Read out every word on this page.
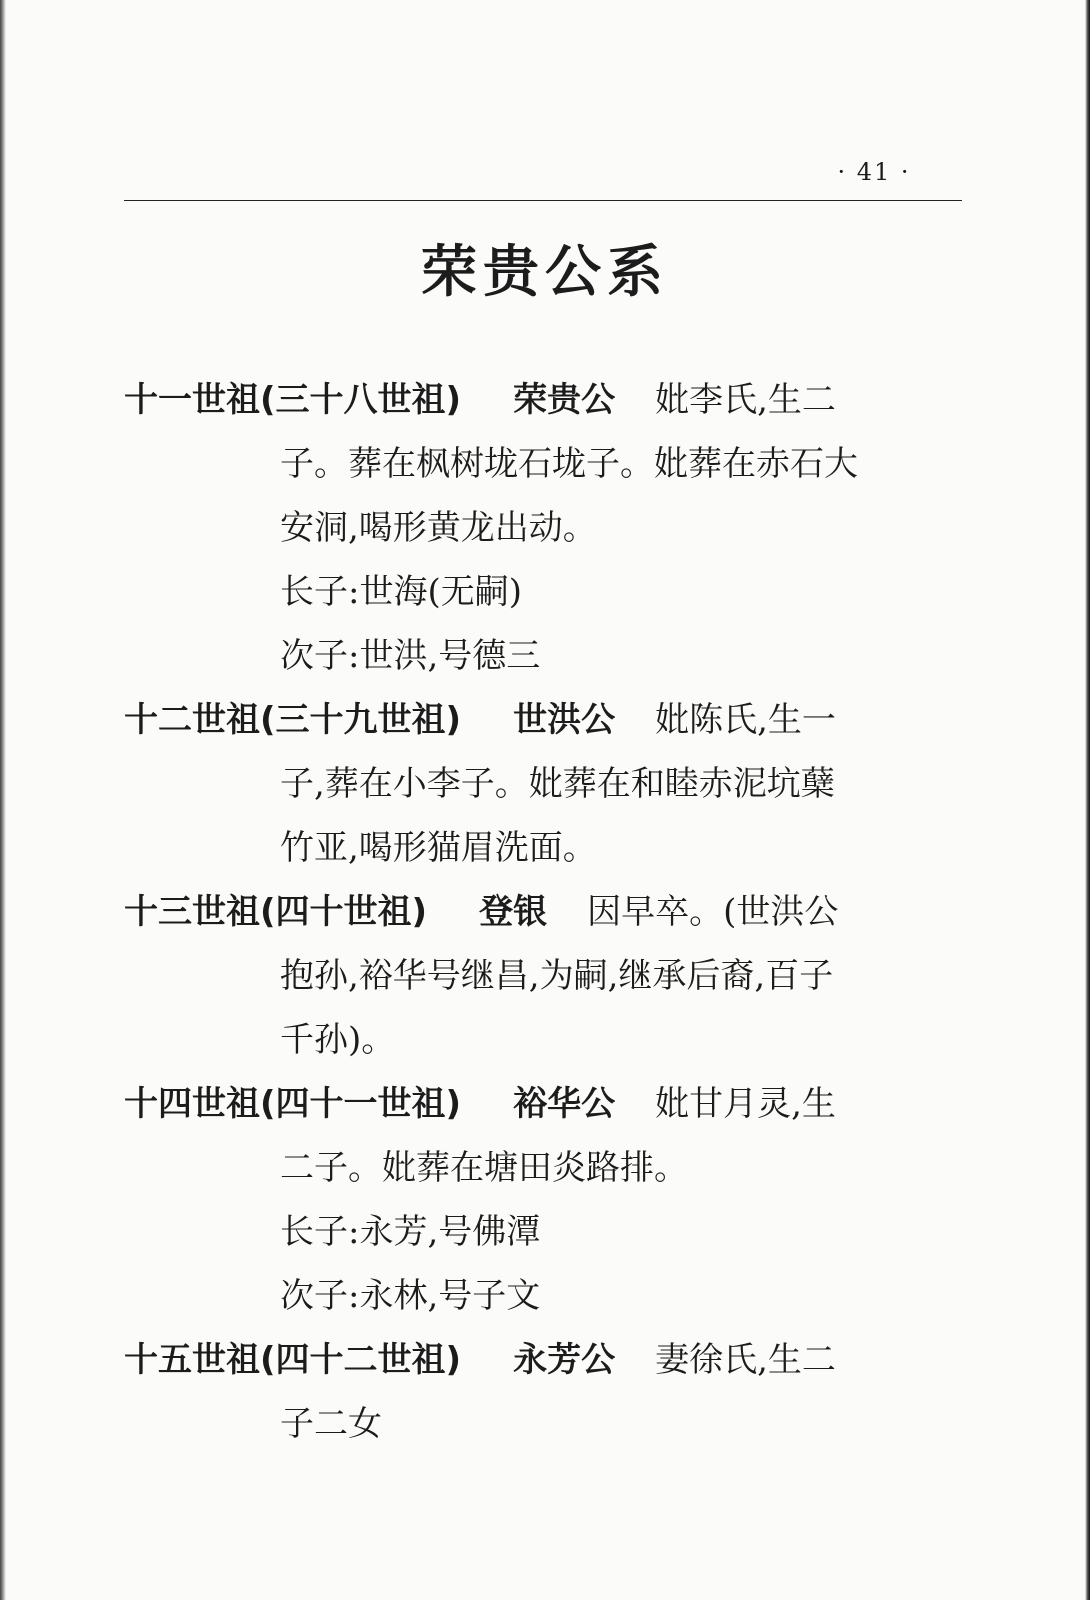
· 41 ·
荣贵公系
十一世祖(三十八世祖) 荣贵公 妣李氏,生二
子。葬在枫树垅石垅子。妣葬在赤石大
安洞,喝形黄龙出动。
长子:世海(无嗣)
次子:世洪,号德三
十二世祖(三十九世祖) 世洪公 妣陈氏,生一
子,葬在小李子。妣葬在和睦赤泥坑蘖
竹亚,喝形猫眉洗面。
十三世祖(四十世祖) 登银 因早卒。(世洪公
抱孙,裕华号继昌,为嗣,继承后裔,百子
千孙)。
十四世祖(四十一世祖) 裕华公 妣甘月灵,生
二子。妣葬在塘田炎路排。
长子:永芳,号佛潭
次子:永林,号子文
十五世祖(四十二世祖) 永芳公 妻徐氏,生二
子二女
